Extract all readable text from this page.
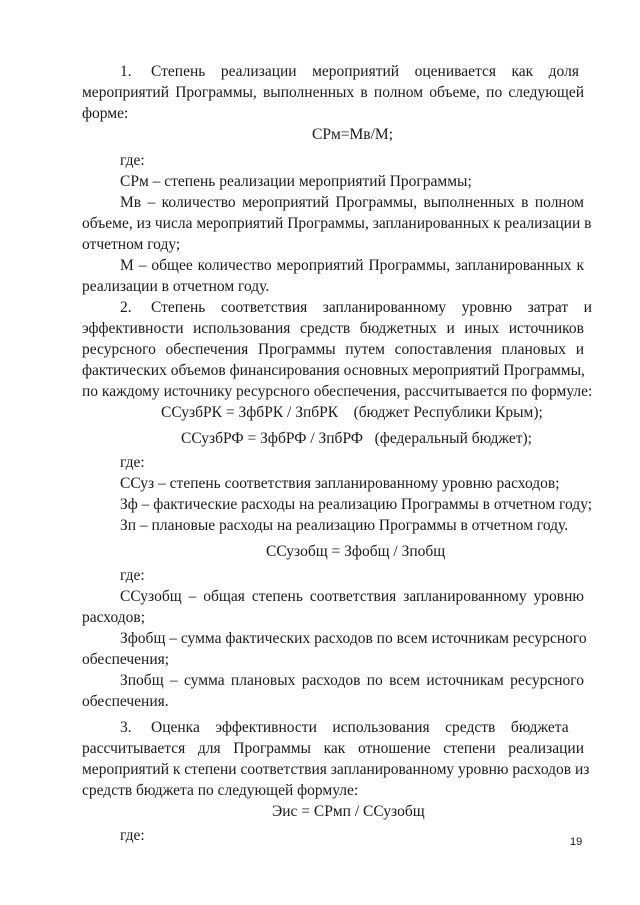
1.     Степень    реализации    мероприятий    оценивается    как    доля
мероприятий Программы, выполненных в полном объеме, по следующей
форме:
СРм=Мв/М;
где:
СРм – степень реализации мероприятий Программы;
Мв – количество мероприятий Программы, выполненных в полном
объеме, из числа мероприятий Программы, запланированных к реализации в
отчетном году;
М – общее количество мероприятий Программы, запланированных к
реализации в отчетном году.
2.     Степень    соответствия    запланированному    уровню    затрат    и
эффективности использования средств бюджетных и иных источников
ресурсного обеспечения Программы путем сопоставления плановых и
фактических объемов финансирования основных мероприятий Программы,
по каждому источнику ресурсного обеспечения, рассчитывается по формуле:
ССузбРК = ЗфбРК / ЗпбРК    (бюджет Республики Крым);
ССузбРФ = ЗфбРФ / ЗпбРФ   (федеральный бюджет);
где:
ССуз – степень соответствия запланированному уровню расходов;
Зф – фактические расходы на реализацию Программы в отчетном году;
Зп – плановые расходы на реализацию Программы в отчетном году.
ССузобщ = Зфобщ / Зпобщ
где:
ССузобщ – общая степень соответствия запланированному уровню
расходов;
Зфобщ – сумма фактических расходов по всем источникам ресурсного
обеспечения;
Зпобщ – сумма плановых расходов по всем источникам ресурсного
обеспечения.
3.     Оценка    эффективности    использования    средств    бюджета
рассчитывается для Программы как отношение степени реализации
мероприятий к степени соответствия запланированному уровню расходов из
средств бюджета по следующей формуле:
Эис = СРмп / ССузобщ
где:	19
